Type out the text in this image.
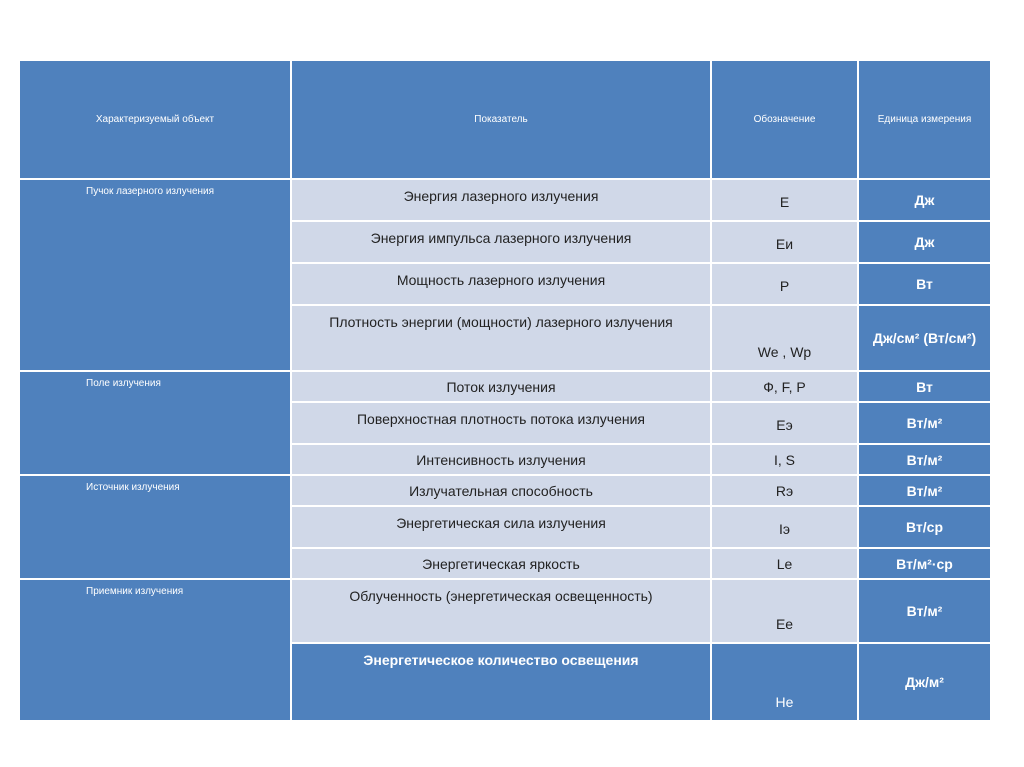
Характеризуемый объект	Показатель	Обозначение	Единица измерения
Пучок лазерного излучения	Энергия лазерного излучения	E	Дж
	Энергия импульса лазерного излучения	Eи	Дж
	Мощность лазерного излучения	P	Вт
	Плотность энергии (мощности) лазерного излучения	We , Wp	Дж/см² (Вт/см²)
Поле излучения	Поток излучения	Ф, F, P	Вт
	Поверхностная плотность потока излучения	Eэ	Вт/м²
	Интенсивность излучения	I, S	Вт/м²
Источник излучения	Излучательная способность	Rэ	Вт/м²
	Энергетическая сила излучения	Iэ	Вт/ср
	Энергетическая яркость	Le	Вт/м²·ср
Приемник излучения	Облученность (энергетическая освещенность)	Ee	Вт/м²
	Энергетическое количество освещения	He	Дж/м²
